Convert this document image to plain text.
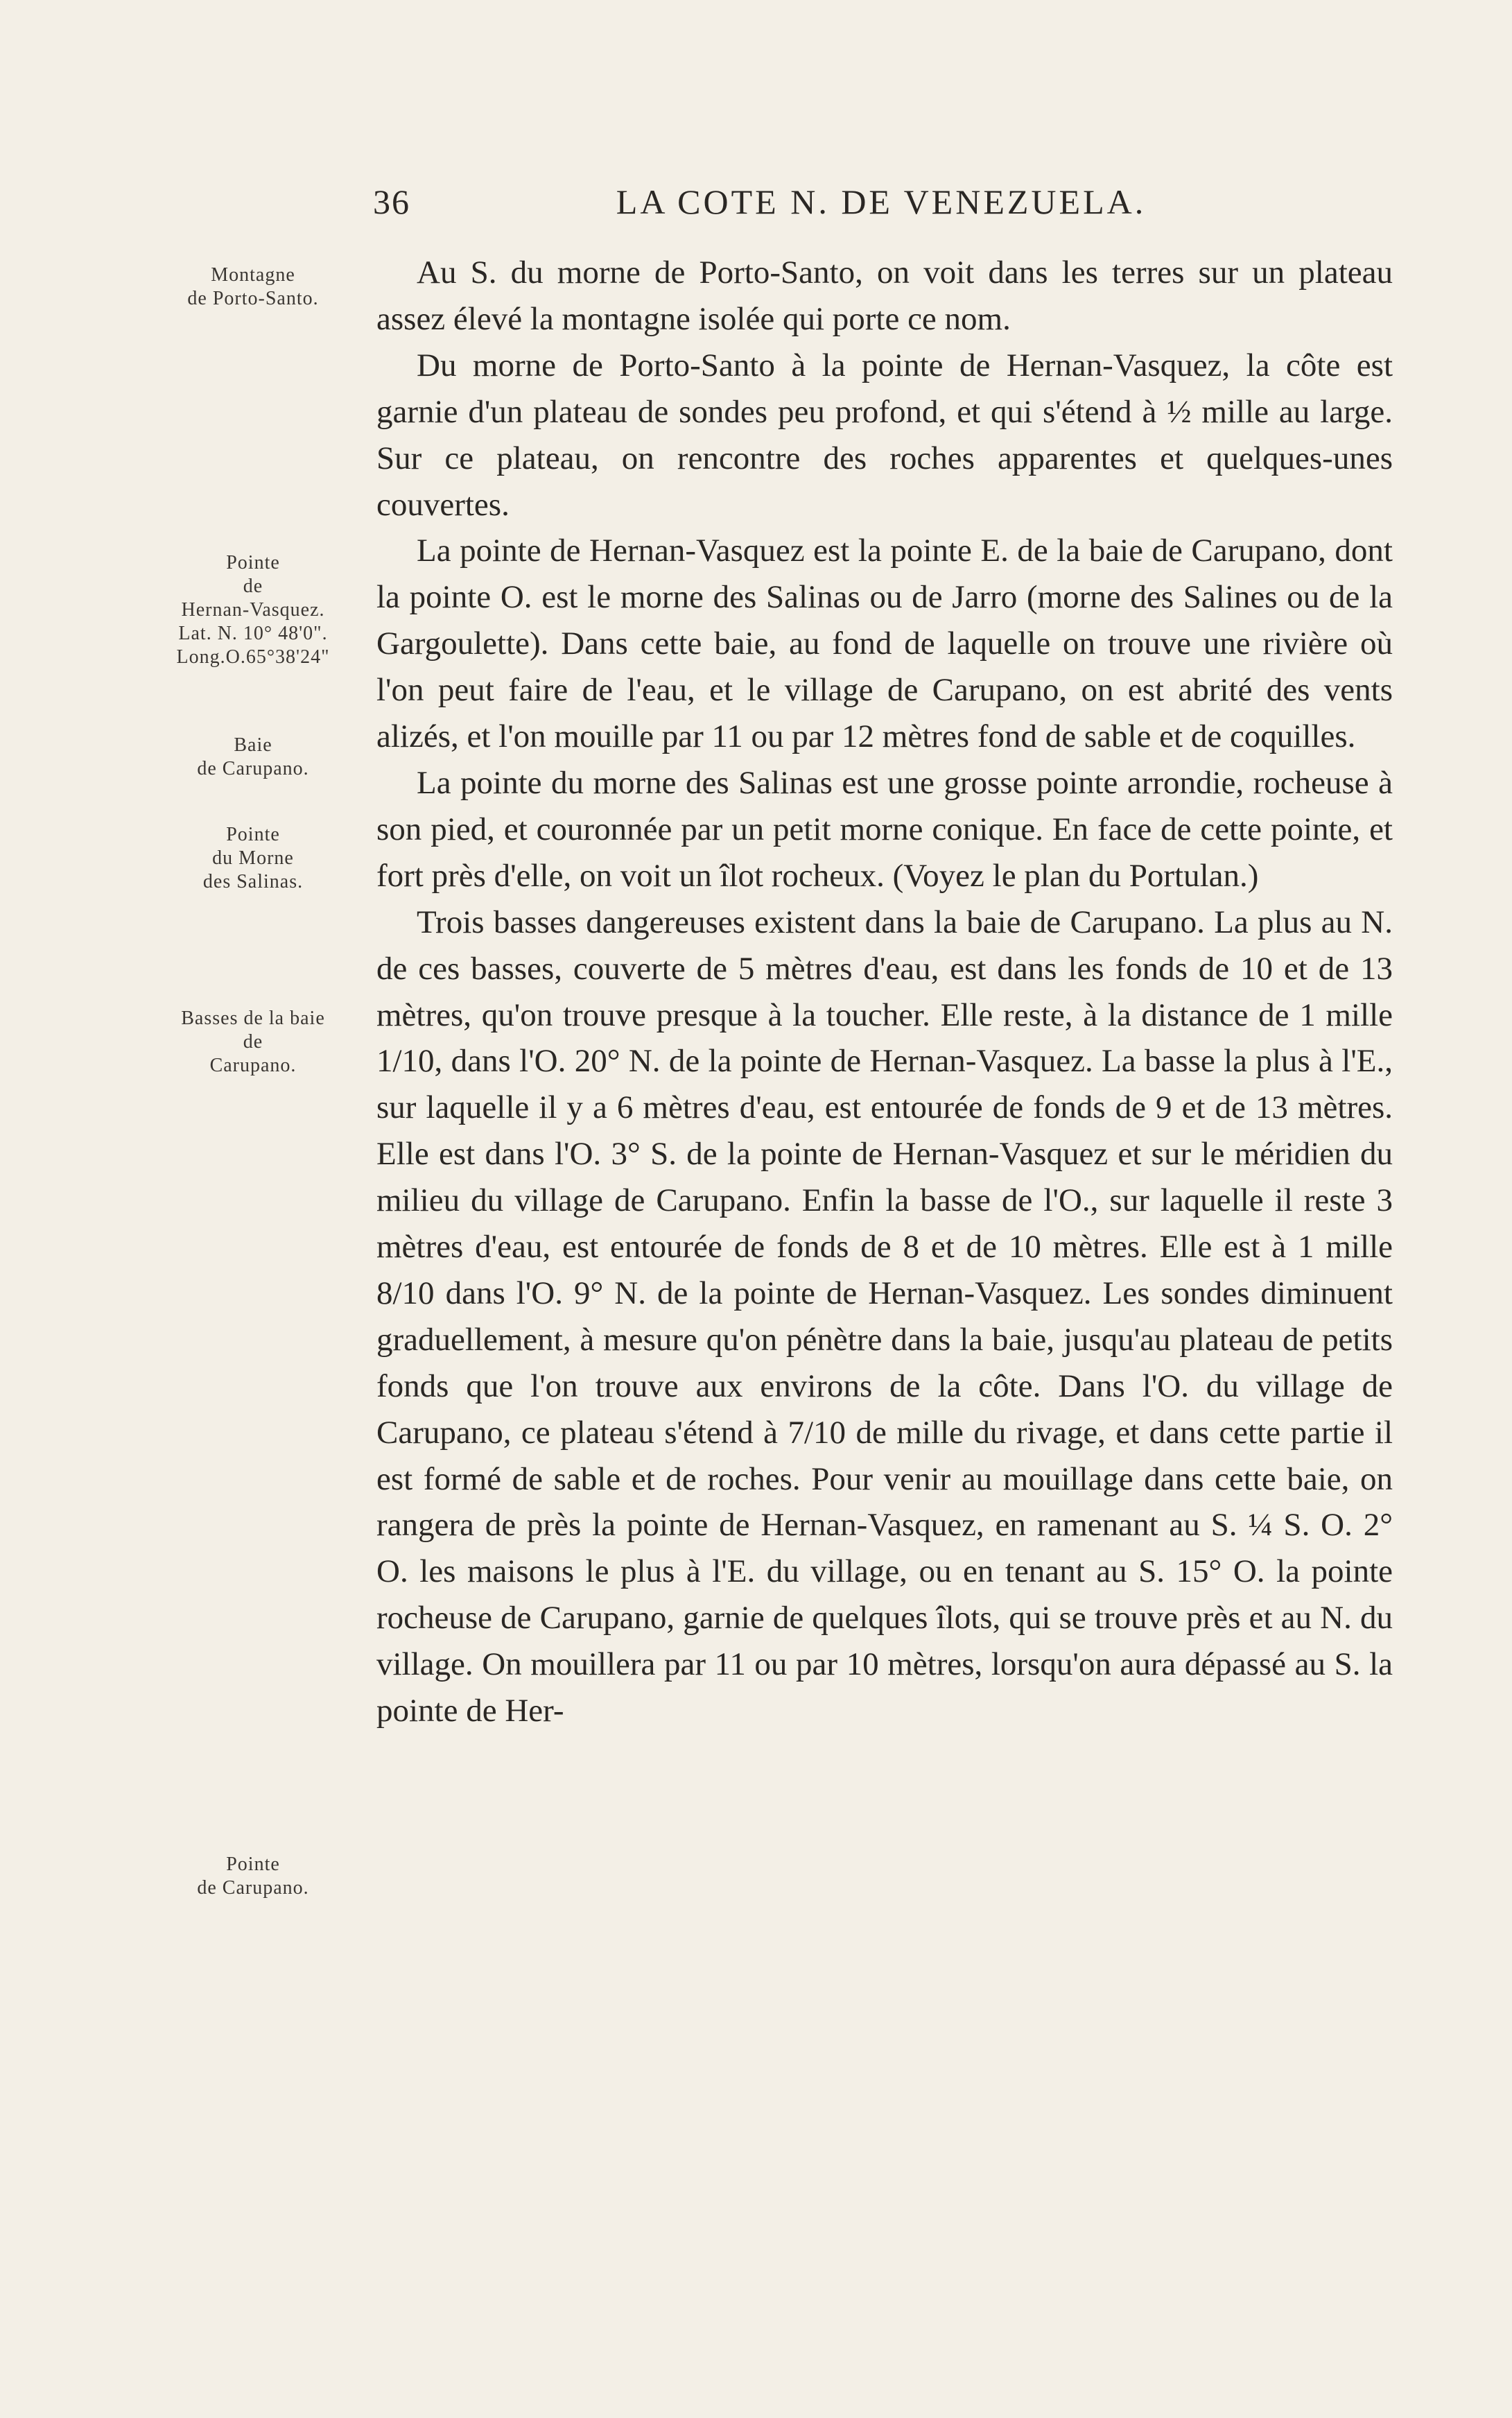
36	LA COTE N. DE VENEZUELA.
Montagne
de Porto-Santo.
Pointe
de
Hernan-Vasquez.
Lat. N. 10° 48'0".
Long.O.65°38'24"
Baie
de Carupano.
Pointe
du Morne
des Salinas.
Basses de la baie
de
Carupano.
Pointe
de Carupano.

Au S. du morne de Porto-Santo, on voit dans les terres sur un plateau assez élevé la montagne isolée qui porte ce nom.

Du morne de Porto-Santo à la pointe de Hernan-Vasquez, la côte est garnie d'un plateau de sondes peu profond, et qui s'étend à ½ mille au large. Sur ce plateau, on rencontre des roches apparentes et quelques-unes couvertes.

La pointe de Hernan-Vasquez est la pointe E. de la baie de Carupano, dont la pointe O. est le morne des Salinas ou de Jarro (morne des Salines ou de la Gargoulette). Dans cette baie, au fond de laquelle on trouve une rivière où l'on peut faire de l'eau, et le village de Carupano, on est abrité des vents alizés, et l'on mouille par 11 ou par 12 mètres fond de sable et de coquilles.

La pointe du morne des Salinas est une grosse pointe arrondie, rocheuse à son pied, et couronnée par un petit morne conique. En face de cette pointe, et fort près d'elle, on voit un îlot rocheux. (Voyez le plan du Portulan.)

Trois basses dangereuses existent dans la baie de Carupano. La plus au N. de ces basses, couverte de 5 mètres d'eau, est dans les fonds de 10 et de 13 mètres, qu'on trouve presque à la toucher. Elle reste, à la distance de 1 mille 1/10, dans l'O. 20° N. de la pointe de Hernan-Vasquez. La basse la plus à l'E., sur laquelle il y a 6 mètres d'eau, est entourée de fonds de 9 et de 13 mètres. Elle est dans l'O. 3° S. de la pointe de Hernan-Vasquez et sur le méridien du milieu du village de Carupano. Enfin la basse de l'O., sur laquelle il reste 3 mètres d'eau, est entourée de fonds de 8 et de 10 mètres. Elle est à 1 mille 8/10 dans l'O. 9° N. de la pointe de Hernan-Vasquez. Les sondes diminuent graduellement, à mesure qu'on pénètre dans la baie, jusqu'au plateau de petits fonds que l'on trouve aux environs de la côte. Dans l'O. du village de Carupano, ce plateau s'étend à 7/10 de mille du rivage, et dans cette partie il est formé de sable et de roches. Pour venir au mouillage dans cette baie, on rangera de près la pointe de Hernan-Vasquez, en ramenant au S. ¼ S. O. 2° O. les maisons le plus à l'E. du village, ou en tenant au S. 15° O. la pointe rocheuse de Carupano, garnie de quelques îlots, qui se trouve près et au N. du village. On mouillera par 11 ou par 10 mètres, lorsqu'on aura dépassé au S. la pointe de Her-
